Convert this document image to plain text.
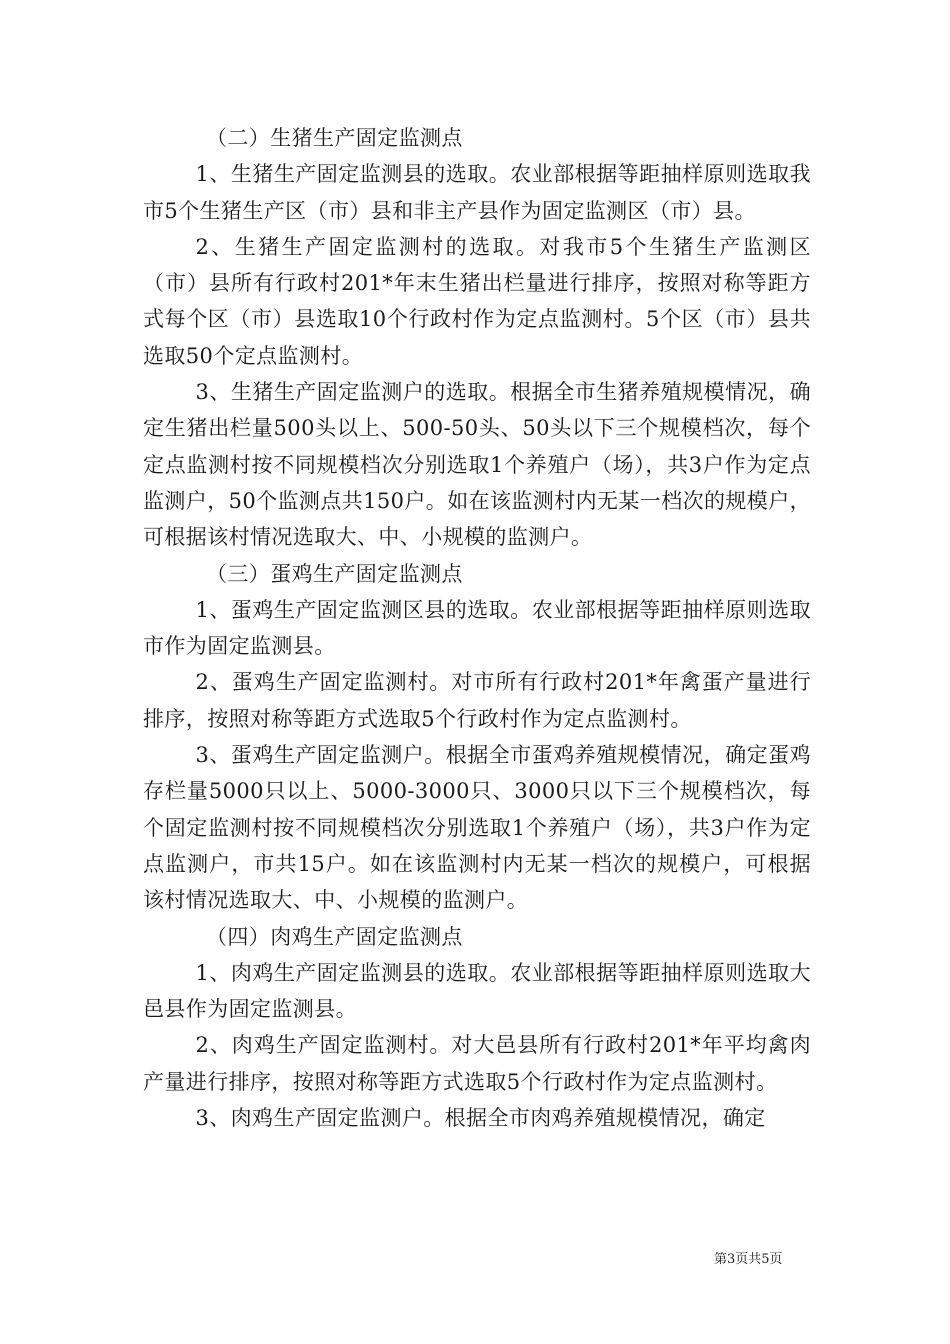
（二）生猪生产固定监测点

1、生猪生产固定监测县的选取。农业部根据等距抽样原则选取我市5个生猪生产区（市）县和非主产县作为固定监测区（市）县。

2、生猪生产固定监测村的选取。对我市5个生猪生产监测区（市）县所有行政村201*年末生猪出栏量进行排序，按照对称等距方式每个区（市）县选取10个行政村作为定点监测村。5个区（市）县共选取50个定点监测村。

3、生猪生产固定监测户的选取。根据全市生猪养殖规模情况，确定生猪出栏量500头以上、500-50头、50头以下三个规模档次，每个定点监测村按不同规模档次分别选取1个养殖户（场），共3户作为定点监测户，50个监测点共150户。如在该监测村内无某一档次的规模户，可根据该村情况选取大、中、小规模的监测户。

（三）蛋鸡生产固定监测点

1、蛋鸡生产固定监测区县的选取。农业部根据等距抽样原则选取市作为固定监测县。

2、蛋鸡生产固定监测村。对市所有行政村201*年禽蛋产量进行排序，按照对称等距方式选取5个行政村作为定点监测村。

3、蛋鸡生产固定监测户。根据全市蛋鸡养殖规模情况，确定蛋鸡存栏量5000只以上、5000-3000只、3000只以下三个规模档次，每个固定监测村按不同规模档次分别选取1个养殖户（场），共3户作为定点监测户，市共15户。如在该监测村内无某一档次的规模户，可根据该村情况选取大、中、小规模的监测户。

（四）肉鸡生产固定监测点

1、肉鸡生产固定监测县的选取。农业部根据等距抽样原则选取大邑县作为固定监测县。

2、肉鸡生产固定监测村。对大邑县所有行政村201*年平均禽肉产量进行排序，按照对称等距方式选取5个行政村作为定点监测村。

3、肉鸡生产固定监测户。根据全市肉鸡养殖规模情况，确定

第3页共5页
